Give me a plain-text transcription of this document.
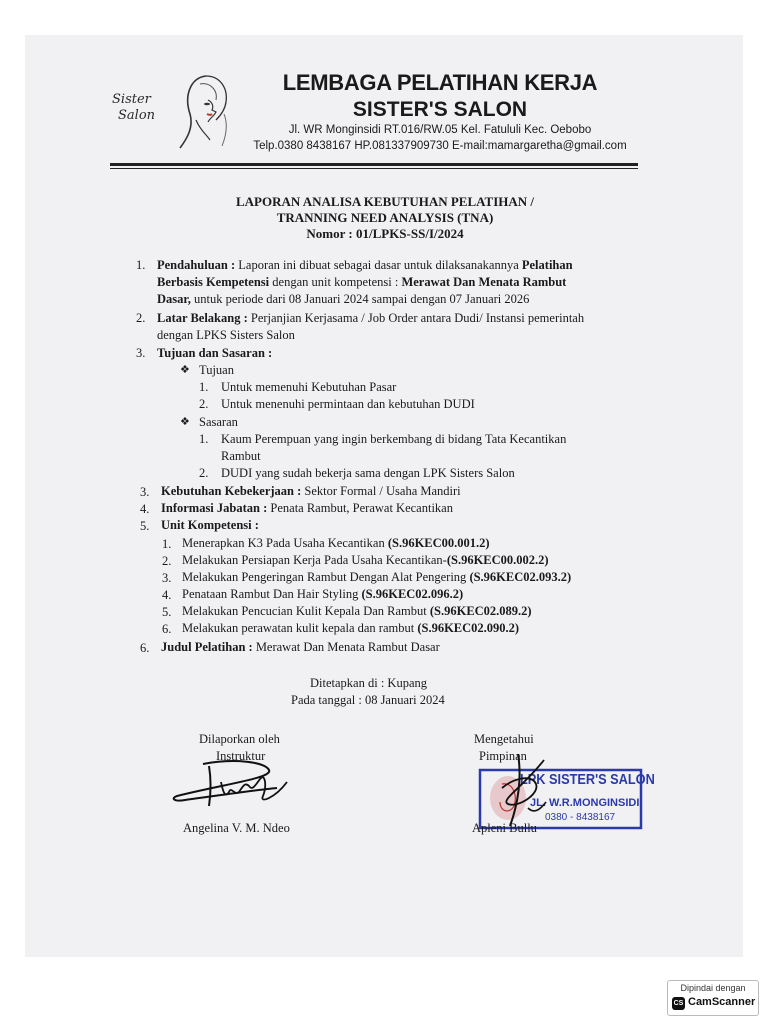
Sister
Salon
LEMBAGA PELATIHAN KERJA
SISTER'S SALON
Jl. WR Monginsidi RT.016/RW.05 Kel. Fatululi Kec. Oebobo
Telp.0380 8438167 HP.081337909730 E-mail:mamargaretha@gmail.com
LAPORAN ANALISA KEBUTUHAN PELATIHAN /
TRANNING NEED ANALYSIS (TNA)
Nomor : 01/LPKS-SS/I/2024
1. Pendahuluan : Laporan ini dibuat sebagai dasar untuk dilaksanakannya Pelatihan
Berbasis Kempetensi dengan unit kompetensi : Merawat Dan Menata Rambut
Dasar, untuk periode dari 08 Januari 2024 sampai dengan 07 Januari 2026
2. Latar Belakang : Perjanjian Kerjasama / Job Order antara Dudi/ Instansi pemerintah
dengan LPKS Sisters Salon
3. Tujuan dan Sasaran :
❖ Tujuan
1. Untuk memenuhi Kebutuhan Pasar
2. Untuk menenuhi permintaan dan kebutuhan DUDI
❖ Sasaran
1. Kaum Perempuan yang ingin berkembang di bidang Tata Kecantikan
Rambut
2. DUDI yang sudah bekerja sama dengan LPK Sisters Salon
3. Kebutuhan Kebekerjaan : Sektor Formal / Usaha Mandiri
4. Informasi Jabatan : Penata Rambut, Perawat Kecantikan
5. Unit Kompetensi :
1. Menerapkan K3 Pada Usaha Kecantikan (S.96KEC00.001.2)
2. Melakukan Persiapan Kerja Pada Usaha Kecantikan-(S.96KEC00.002.2)
3. Melakukan Pengeringan Rambut Dengan Alat Pengering (S.96KEC02.093.2)
4. Penataan Rambut Dan Hair Styling (S.96KEC02.096.2)
5. Melakukan Pencucian Kulit Kepala Dan Rambut (S.96KEC02.089.2)
6. Melakukan perawatan kulit kepala dan rambut (S.96KEC02.090.2)
6. Judul Pelatihan : Merawat Dan Menata Rambut Dasar
Ditetapkan di : Kupang
Pada tanggal : 08 Januari 2024
Dilaporkan oleh
Instruktur
Angelina V. M. Ndeo
Mengetahui
Pimpinan
LPK SISTER'S SALON
JL. W.R.MONGINSIDI
0380 - 8438167
Apleni Bullu
Dipindai dengan
CS CamScanner
